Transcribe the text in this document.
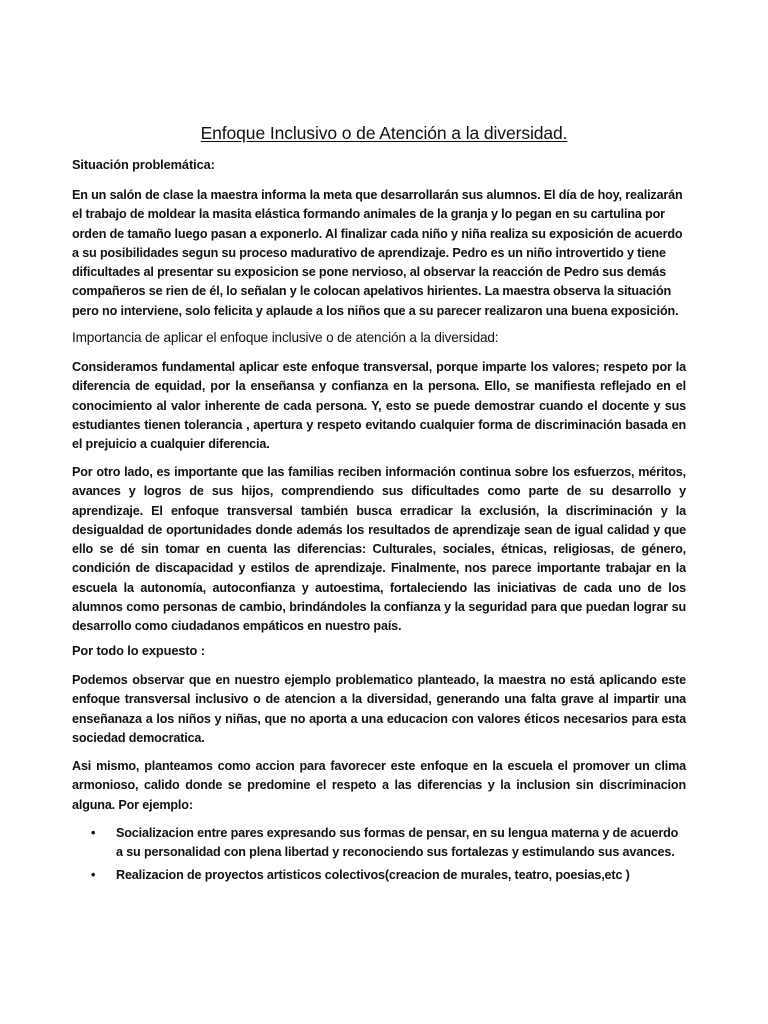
Enfoque Inclusivo o de Atención a la diversidad.
Situación problemática:
En un salón de clase la maestra informa la meta que desarrollarán sus alumnos. El día de hoy, realizarán el trabajo de moldear la masita elástica formando animales de la granja y lo pegan en su cartulina por orden de tamaño luego pasan a exponerlo. Al finalizar cada niño y niña realiza su exposición de acuerdo a su posibilidades segun su proceso madurativo de aprendizaje. Pedro es un niño introvertido y tiene dificultades al presentar su exposicion se pone nervioso, al observar la reacción de Pedro sus demás compañeros se rien de él, lo señalan y le colocan apelativos hirientes. La maestra observa la situación pero no interviene, solo felicita y aplaude a los niños que a su parecer realizaron una buena exposición.
Importancia de aplicar el enfoque inclusive o de atención a la diversidad:
Consideramos fundamental aplicar este enfoque transversal, porque imparte los valores; respeto por la diferencia de equidad, por la enseñansa y confianza en la persona. Ello, se manifiesta reflejado en el conocimiento al valor inherente de cada persona. Y, esto se puede demostrar cuando el docente y sus estudiantes tienen tolerancia , apertura y respeto evitando cualquier forma de discriminación basada en el prejuicio a cualquier diferencia.
Por otro lado, es importante que las familias reciben información continua sobre los esfuerzos, méritos, avances y logros de sus hijos, comprendiendo sus dificultades como parte de su desarrollo y aprendizaje. El enfoque transversal también busca erradicar la exclusión, la discriminación y la desigualdad de oportunidades donde además los resultados de aprendizaje sean de igual calidad y que ello se dé sin tomar en cuenta las diferencias: Culturales, sociales, étnicas, religiosas, de género, condición de discapacidad y estilos de aprendizaje. Finalmente, nos parece importante trabajar en la escuela la autonomía, autoconfianza y autoestima, fortaleciendo las iniciativas de cada uno de los alumnos como personas de cambio, brindándoles la confianza y la seguridad para que puedan lograr su desarrollo como ciudadanos empáticos en nuestro país.
Por todo lo expuesto :
Podemos observar que en nuestro ejemplo problematico planteado, la maestra no está aplicando este enfoque transversal inclusivo o de atencion a la diversidad, generando una falta grave al impartir una enseñanaza a los niños y niñas, que no aporta a una educacion con valores éticos necesarios para esta sociedad democratica.
Asi mismo, planteamos como accion para favorecer este enfoque en la escuela el promover un clima armonioso, calido donde se predomine el respeto a las diferencias y la inclusion sin discriminacion alguna. Por ejemplo:
• Socializacion entre pares expresando sus formas de pensar, en su lengua materna y de acuerdo a su personalidad con plena libertad y reconociendo sus fortalezas y estimulando sus avances.
• Realizacion de proyectos artisticos colectivos(creacion de murales, teatro, poesias,etc )
